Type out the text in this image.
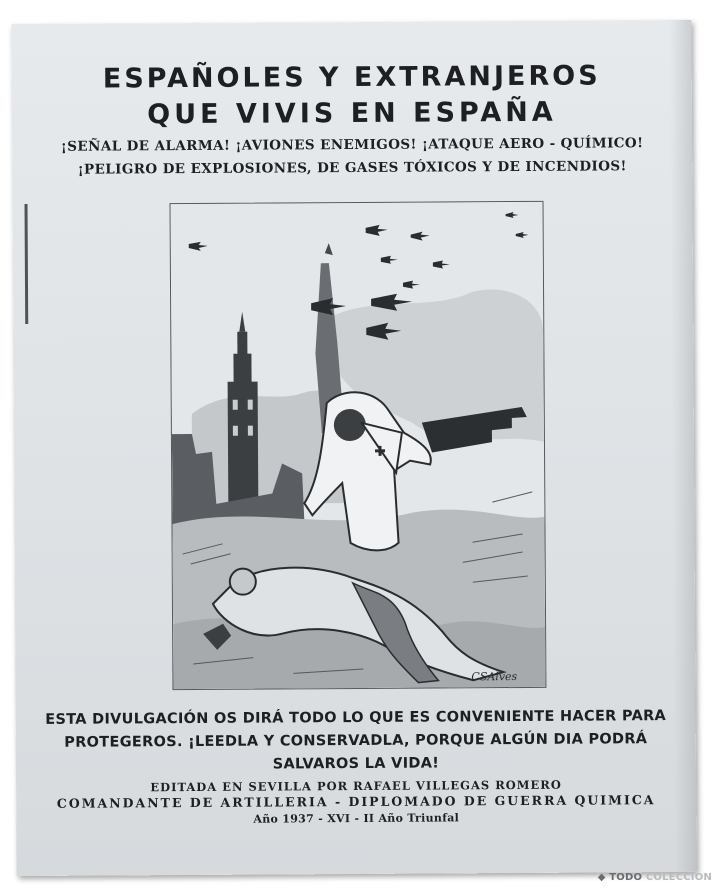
ESPAÑOLES Y EXTRANJEROS
QUE VIVIS EN ESPAÑA
¡SEÑAL DE ALARMA! ¡AVIONES ENEMIGOS! ¡ATAQUE AERO - QUÍMICO!
¡PELIGRO DE EXPLOSIONES, DE GASES TÓXICOS Y DE INCENDIOS!
CSAlves
ESTA DIVULGACIÓN OS DIRÁ TODO LO QUE ES CONVENIENTE HACER PARA
PROTEGEROS. ¡LEEDLA Y CONSERVADLA, PORQUE ALGÚN DIA PODRÁ
SALVAROS LA VIDA!
EDITADA EN SEVILLA POR RAFAEL VILLEGAS ROMERO
COMANDANTE DE ARTILLERIA - DIPLOMADO DE GUERRA QUIMICA
Año 1937 - XVI - II Año Triunfal
◆ TODO COLECCION
